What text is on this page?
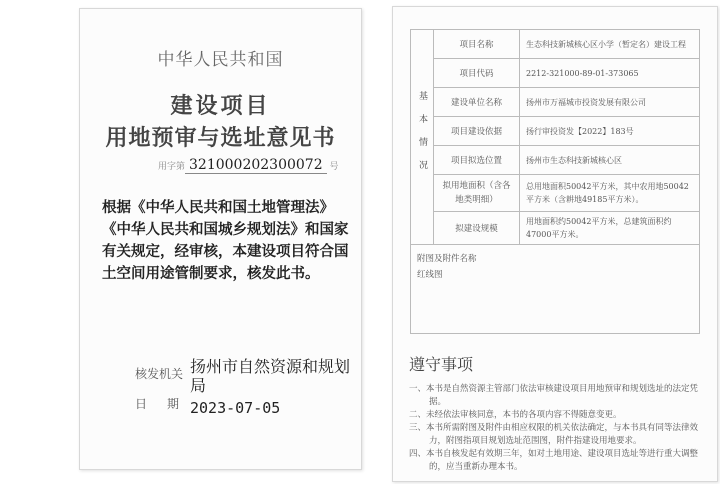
中华人民共和国
建设项目
用地预审与选址意见书
用字第 321000202300072 号
根据《中华人民共和国土地管理法》《中华人民共和国城乡规划法》和国家有关规定，经审核，本建设项目符合国土空间用途管制要求，核发此书。
核发机关 扬州市自然资源和规划局
日期
2023-07-05
基本情况	项目名称	生态科技新城核心区小学（暂定名）建设工程
	项目代码	2212-321000-89-01-373065
	建设单位名称	扬州市万福城市投资发展有限公司
	项目建设依据	扬行审投资发【2022】183号
	项目拟选位置	扬州市生态科技新城核心区
	拟用地面积（含各地类明细）	总用地面积50042平方米，其中农用地50042平方米（含耕地49185平方米）。
	拟建设规模	用地面积约50042平方米，总建筑面积约47000平方米。

附图及附件名称
红线图		
遵守事项
一、本书是自然资源主管部门依法审核建设项目用地预审和规划选址的法定凭据。
二、未经依法审核同意，本书的各项内容不得随意变更。
三、本书所需附图及附件由相应权限的机关依法确定，与本书具有同等法律效力，附图指项目规划选址范围图，附件指建设用地要求。
四、本书自核发起有效期三年，如对土地用途、建设项目选址等进行重大调整的，应当重新办理本书。
